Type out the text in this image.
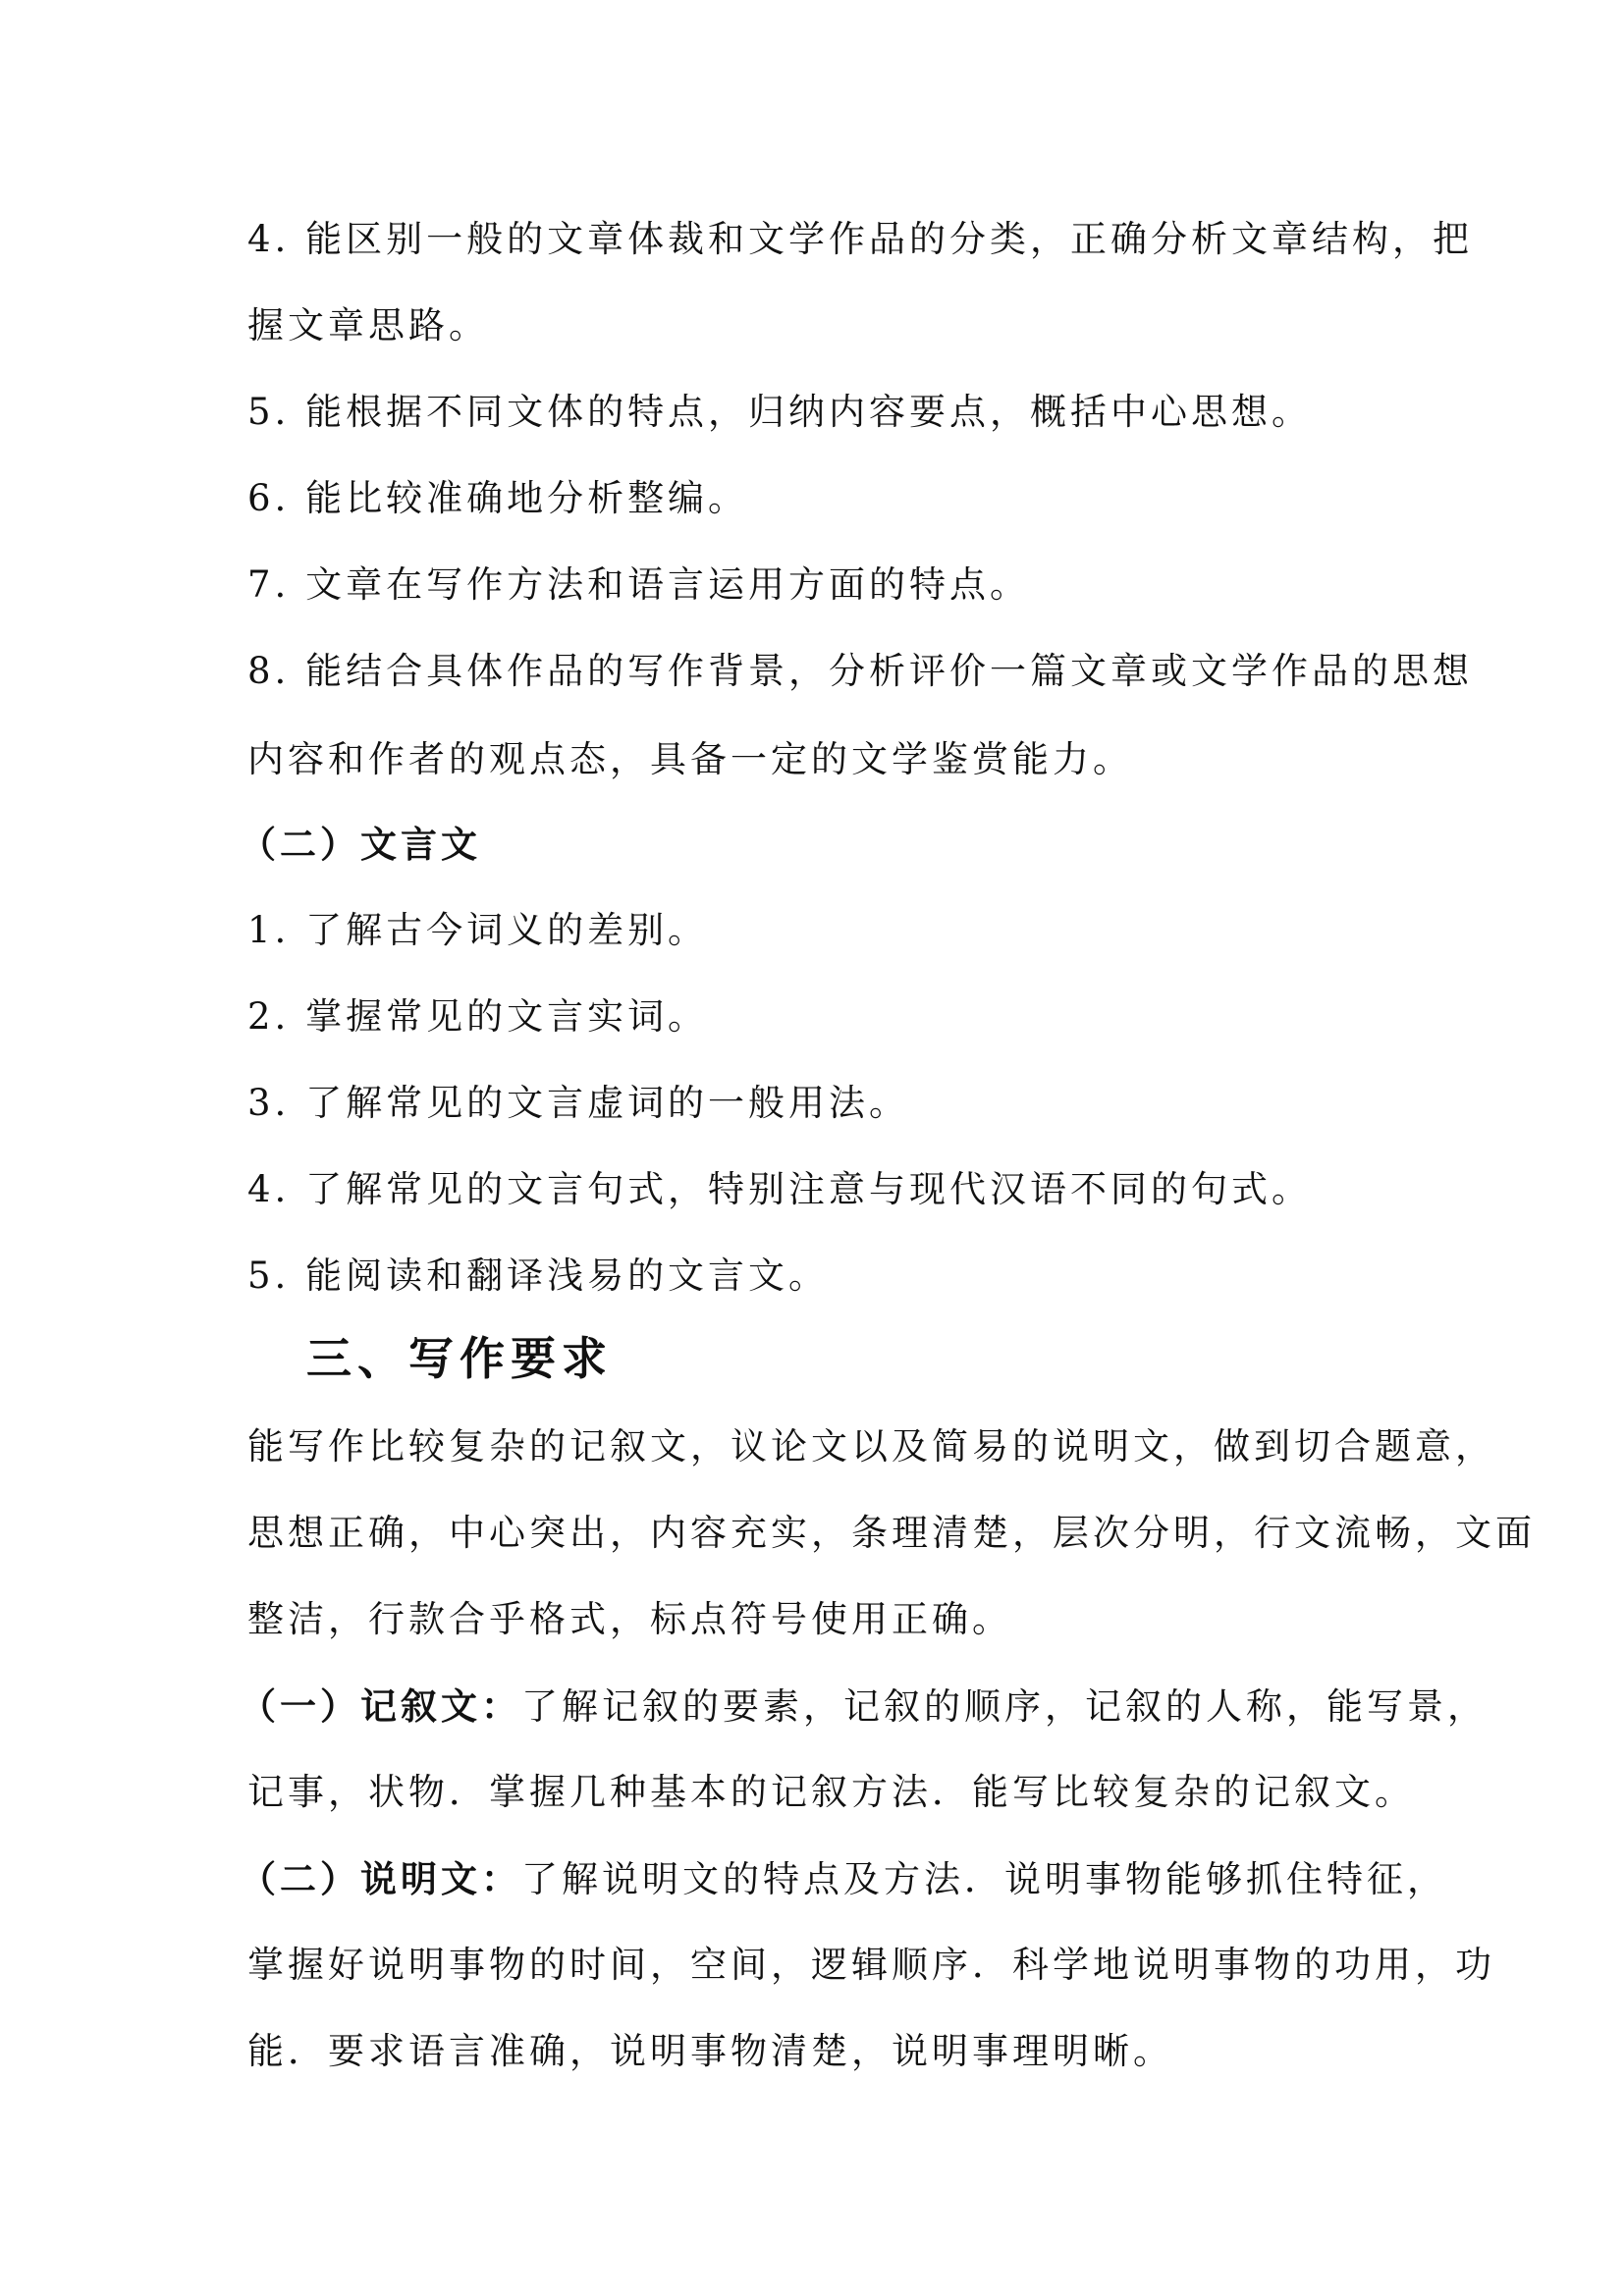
4. 能区别一般的文章体裁和文学作品的分类，正确分析文章结构，把
握文章思路。
5. 能根据不同文体的特点，归纳内容要点，概括中心思想。
6. 能比较准确地分析整编。
7. 文章在写作方法和语言运用方面的特点。
8. 能结合具体作品的写作背景，分析评价一篇文章或文学作品的思想
内容和作者的观点态，具备一定的文学鉴赏能力。
（二）文言文
1. 了解古今词义的差别。
2. 掌握常见的文言实词。
3. 了解常见的文言虚词的一般用法。
4. 了解常见的文言句式，特别注意与现代汉语不同的句式。
5. 能阅读和翻译浅易的文言文。
三、写作要求
能写作比较复杂的记叙文，议论文以及简易的说明文，做到切合题意，
思想正确，中心突出，内容充实，条理清楚，层次分明，行文流畅，文面
整洁，行款合乎格式，标点符号使用正确。
（一）记叙文：了解记叙的要素，记叙的顺序，记叙的人称，能写景，
记事，状物．掌握几种基本的记叙方法．能写比较复杂的记叙文。
（二）说明文：了解说明文的特点及方法．说明事物能够抓住特征，
掌握好说明事物的时间，空间，逻辑顺序．科学地说明事物的功用，功
能．要求语言准确，说明事物清楚，说明事理明晰。
